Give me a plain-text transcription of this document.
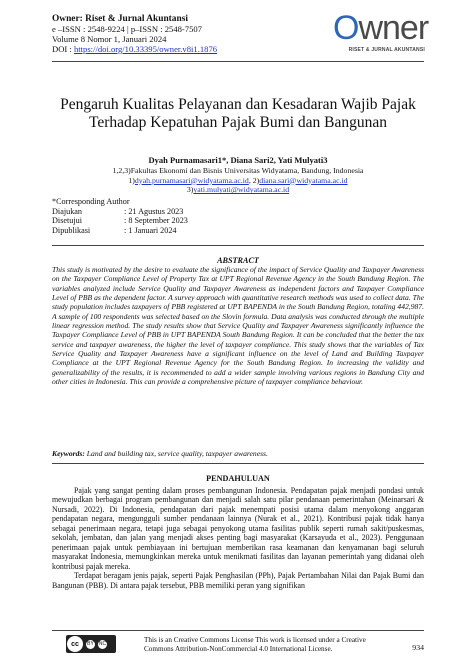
Owner: Riset & Jurnal Akuntansi
e –ISSN : 2548-9224 | p–ISSN : 2548-7507
Volume 8 Nomor 1, Januari 2024
DOI : https://doi.org/10.33395/owner.v8i1.1876
Owner
RISET & JURNAL AKUNTANSI
Pengaruh Kualitas Pelayanan dan Kesadaran Wajib Pajak Terhadap Kepatuhan Pajak Bumi dan Bangunan
Dyah Purnamasari1*, Diana Sari2, Yati Mulyati3
1,2,3)Fakultas Ekonomi dan Bisnis Universitas Widyatama, Bandung, Indonesia
1)dyah.purnamasari@widyatama.ac.id, 2)diana.sari@widyatama.ac.id
3)yati.mulyati@widyatama.ac.id
*Corresponding Author
Diajukan	: 21 Agustus 2023
Disetujui	: 8 September 2023
Dipublikasi	: 1 Januari 2024
ABSTRACT
This study is motivated by the desire to evaluate the significance of the impact of Service Quality and Taxpayer Awareness on the Taxpayer Compliance Level of Property Tax at UPT Regional Revenue Agency in the South Bandung Region. The variables analyzed include Service Quality and Taxpayer Awareness as independent factors and Taxpayer Compliance Level of PBB as the dependent factor. A survey approach with quantitative research methods was used to collect data. The study population includes taxpayers of PBB registered at UPT BAPENDA in the South Bandung Region, totaling 442,987. A sample of 100 respondents was selected based on the Slovin formula. Data analysis was conducted through the multiple linear regression method. The study results show that Service Quality and Taxpayer Awareness significantly influence the Taxpayer Compliance Level of PBB in UPT BAPENDA South Bandung Region. It can be concluded that the better the tax service and taxpayer awareness, the higher the level of taxpayer compliance. This study shows that the variables of Tax Service Quality and Taxpayer Awareness have a significant influence on the level of Land and Building Taxpayer Compliance at the UPT Regional Revenue Agency for the South Bandung Region. In increasing the validity and generalizability of the results, it is recommended to add a wider sample involving various regions in Bandung City and other cities in Indonesia. This can provide a comprehensive picture of taxpayer compliance behaviour.
Keywords: Land and building tax, service quality, taxpayer awareness.
PENDAHULUAN

Pajak yang sangat penting dalam proses pembangunan Indonesia. Pendapatan pajak menjadi pondasi untuk mewujudkan berbagai program pembangunan dan menjadi salah satu pilar pendanaan pemerintahan (Meinarsari & Nursadi, 2022). Di Indonesia, pendapatan dari pajak menempati posisi utama dalam menyokong anggaran pendapatan negara, mengungguli sumber pendanaan lainnya (Nurak et al., 2021). Kontribusi pajak tidak hanya sebagai penerimaan negara, tetapi juga sebagai penyokong utama fasilitas publik seperti rumah sakit/puskesmas, sekolah, jembatan, dan jalan yang menjadi akses penting bagi masyarakat (Karsayuda et al., 2023). Penggunaan penerimaan pajak untuk pembiayaan ini bertujuan memberikan rasa keamanan dan kenyamanan bagi seluruh masyarakat Indonesia, memungkinkan mereka untuk menikmati fasilitas dan layanan pemerintah yang didanai oleh kontribusi pajak mereka.

Terdapat beragam jenis pajak, seperti Pajak Penghasilan (PPh), Pajak Pertambahan Nilai dan Pajak Bumi dan Bangunan (PBB). Di antara pajak tersebut, PBB memiliki peran yang signifikan

cc	BY NC	This is an Creative Commons License This work is licensed under a Creative Commons Attribution-NonCommercial 4.0 International License.	934
